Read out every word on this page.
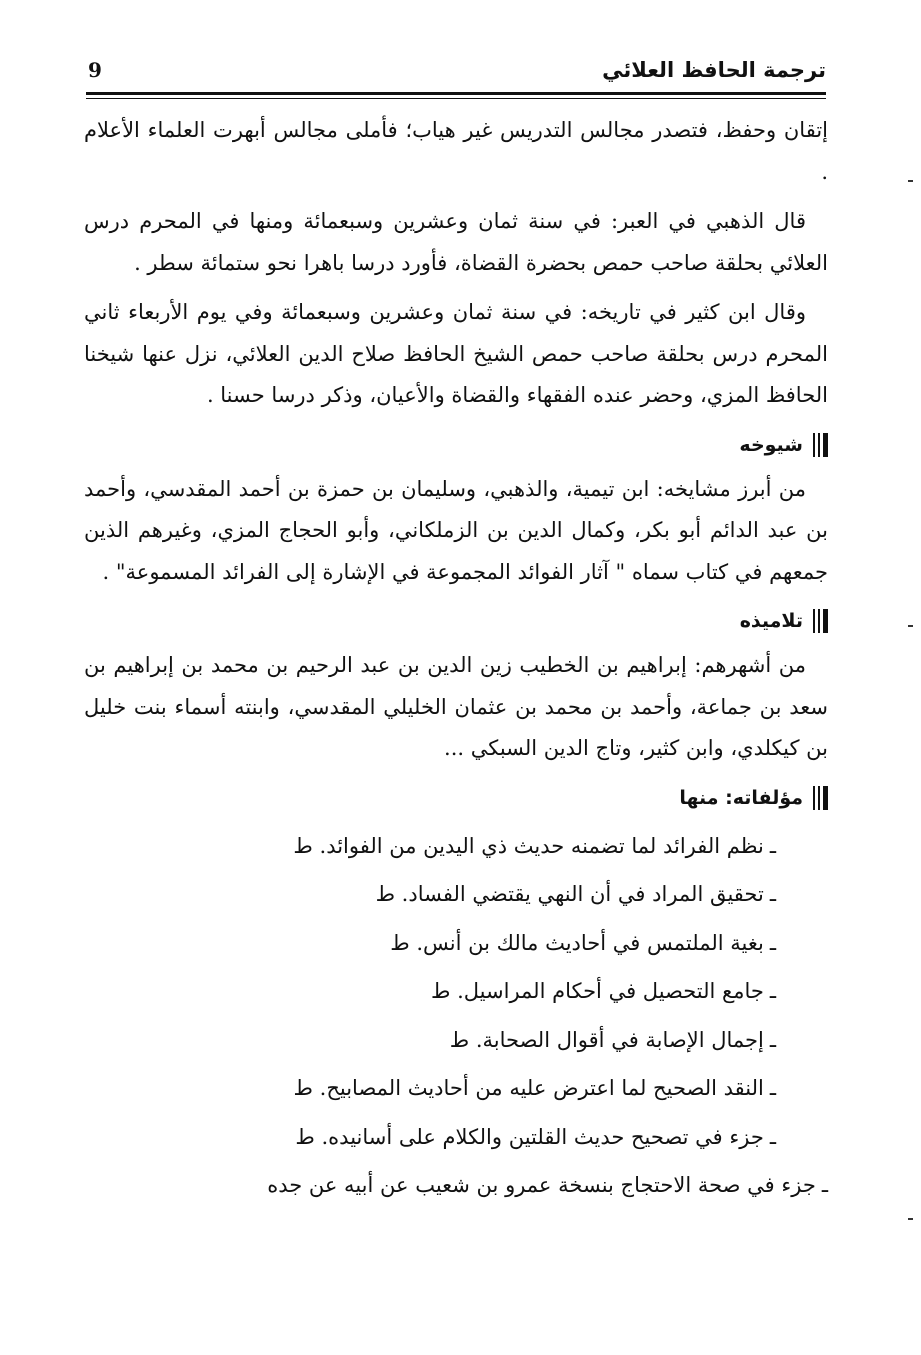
ترجمة الحافظ العلائي
9

إتقان وحفظ، فتصدر مجالس التدريس غير هياب؛ فأملى مجالس أبهرت العلماء الأعلام .

قال الذهبي في العبر: في سنة ثمان وعشرين وسبعمائة ومنها في المحرم درس العلائي بحلقة صاحب حمص بحضرة القضاة، فأورد درسا باهرا نحو ستمائة سطر .

وقال ابن كثير في تاريخه: في سنة ثمان وعشرين وسبعمائة وفي يوم الأربعاء ثاني المحرم درس بحلقة صاحب حمص الشيخ الحافظ صلاح الدين العلائي، نزل عنها شيخنا الحافظ المزي، وحضر عنده الفقهاء والقضاة والأعيان، وذكر درسا حسنا .

شيوخه

من أبرز مشايخه: ابن تيمية، والذهبي، وسليمان بن حمزة بن أحمد المقدسي، وأحمد بن عبد الدائم أبو بكر، وكمال الدين بن الزملكاني، وأبو الحجاج المزي، وغيرهم الذين جمعهم في كتاب سماه " آثار الفوائد المجموعة في الإشارة إلى الفرائد المسموعة" .

تلاميذه

من أشهرهم: إبراهيم بن الخطيب زين الدين بن عبد الرحيم بن محمد بن إبراهيم بن سعد بن جماعة، وأحمد بن محمد بن عثمان الخليلي المقدسي، وابنته أسماء بنت خليل بن كيكلدي، وابن كثير، وتاج الدين السبكي ...

مؤلفاته: منها
ـنظم الفرائد لما تضمنه حديث ذي اليدين من الفوائد. ط
ـتحقيق المراد في أن النهي يقتضي الفساد. ط
ـبغية الملتمس في أحاديث مالك بن أنس. ط
ـجامع التحصيل في أحكام المراسيل. ط
ـإجمال الإصابة في أقوال الصحابة. ط
ـالنقد الصحيح لما اعترض عليه من أحاديث المصابيح. ط
ـجزء في تصحيح حديث القلتين والكلام على أسانيده. ط
ـجزء في صحة الاحتجاج بنسخة عمرو بن شعيب عن أبيه عن جده
